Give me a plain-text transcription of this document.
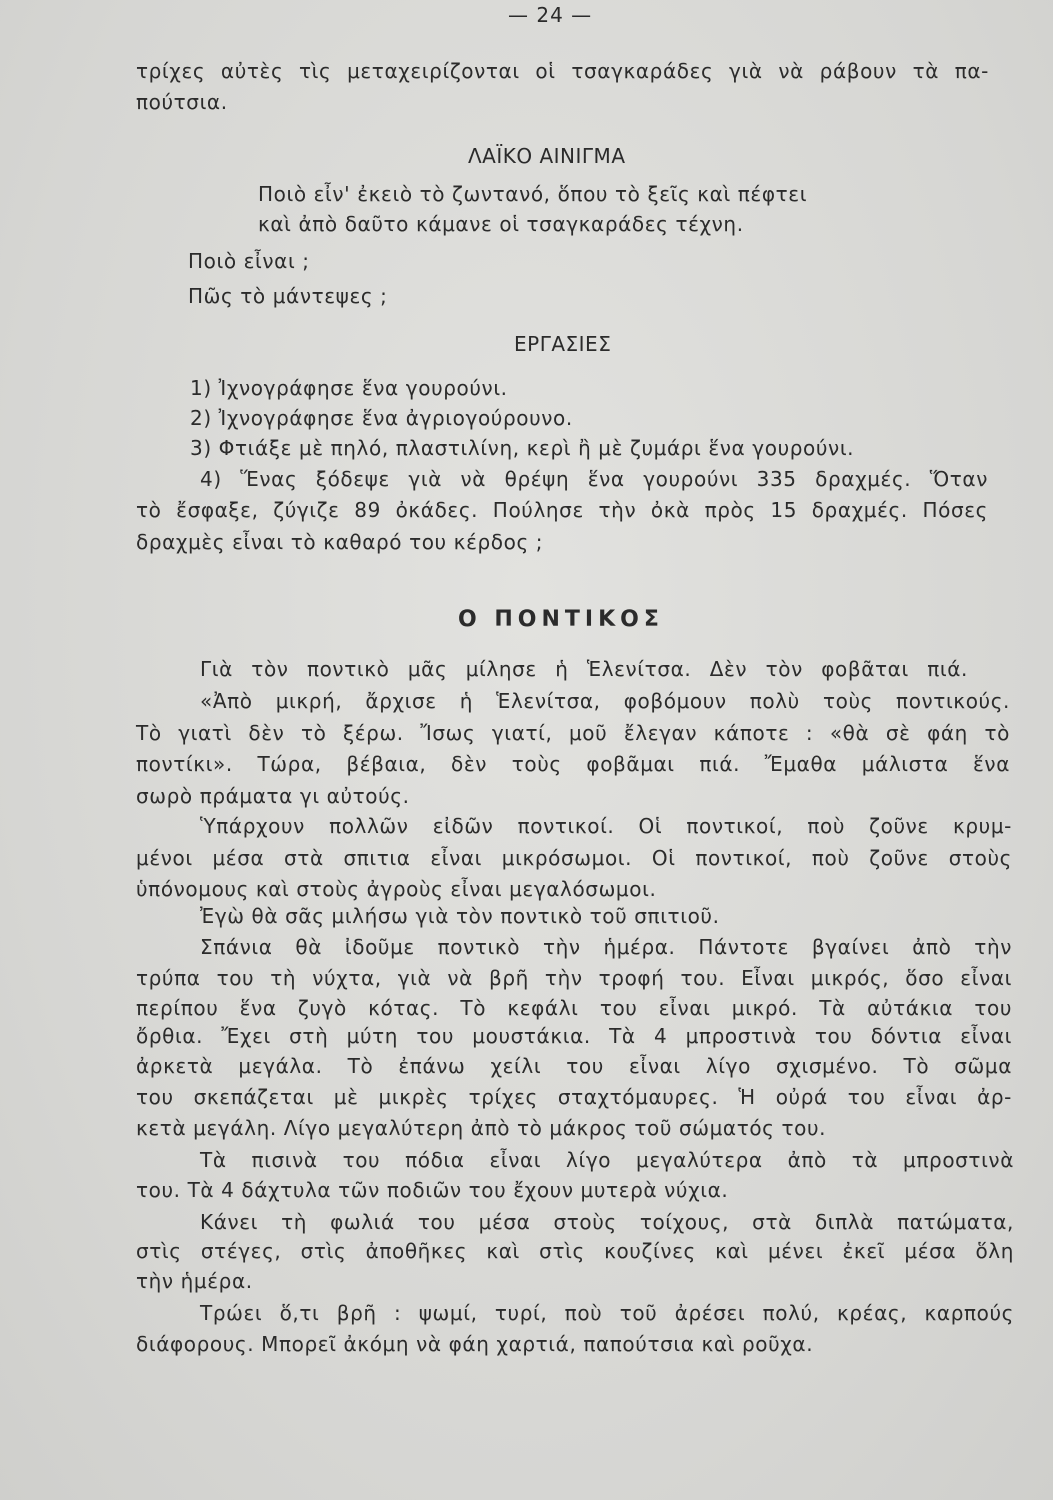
— 24 —
τρίχες αὐτὲς τὶς μεταχειρίζονται οἱ τσαγκαράδες γιὰ νὰ ράβουν τὰ πα-
πούτσια.
ΛΑΪΚΟ ΑΙΝΙΓΜΑ
Ποιὸ εἶν' ἐκειὸ τὸ ζωντανό, ὅπου τὸ ξεῖς καὶ πέφτει
καὶ ἀπὸ δαῦτο κάμανε οἱ τσαγκαράδες τέχνη.
Ποιὸ εἶναι ;
Πῶς τὸ μάντεψες ;
ΕΡΓΑΣΙΕΣ
1) Ἰχνογράφησε ἕνα γουρούνι.
2) Ἰχνογράφησε ἕνα ἀγριογούρουνο.
3) Φτιάξε μὲ πηλό, πλαστιλίνη, κερὶ ἢ μὲ ζυμάρι ἕνα γουρούνι.
4) Ἕνας ξόδεψε γιὰ νὰ θρέψη ἕνα γουρούνι 335 δραχμές. Ὅταν
τὸ ἔσφαξε, ζύγιζε 89 ὀκάδες. Πούλησε τὴν ὀκὰ πρὸς 15 δραχμές. Πόσες
δραχμὲς εἶναι τὸ καθαρό του κέρδος ;
Ο ΠΟΝΤΙΚΟΣ
Γιὰ τὸν ποντικὸ μᾶς μίλησε ἡ Ἑλενίτσα. Δὲν τὸν φοβᾶται πιά.
«Ἀπὸ μικρή, ἄρχισε ἡ Ἑλενίτσα, φοβόμουν πολὺ τοὺς ποντικούς.
Τὸ γιατὶ δὲν τὸ ξέρω. Ἴσως γιατί, μοῦ ἔλεγαν κάποτε : «θὰ σὲ φάη τὸ
ποντίκι». Τώρα, βέβαια, δὲν τοὺς φοβᾶμαι πιά. Ἔμαθα μάλιστα ἕνα
σωρὸ πράματα γι αὐτούς.
Ὑπάρχουν πολλῶν εἰδῶν ποντικοί. Οἱ ποντικοί, ποὺ ζοῦνε κρυμ-
μένοι μέσα στὰ σπιτια εἶναι μικρόσωμοι. Οἱ ποντικοί, ποὺ ζοῦνε στοὺς
ὑπόνομους καὶ στοὺς ἀγροὺς εἶναι μεγαλόσωμοι.
Ἐγὼ θὰ σᾶς μιλήσω γιὰ τὸν ποντικὸ τοῦ σπιτιοῦ.
Σπάνια θὰ ἰδοῦμε ποντικὸ τὴν ἡμέρα. Πάντοτε βγαίνει ἀπὸ τὴν
τρύπα του τὴ νύχτα, γιὰ νὰ βρῆ τὴν τροφή του. Εἶναι μικρός, ὅσο εἶναι
περίπου ἕνα ζυγὸ κότας. Τὸ κεφάλι του εἶναι μικρό. Τὰ αὐτάκια του
ὄρθια. Ἔχει στὴ μύτη του μουστάκια. Τὰ 4 μπροστινὰ του δόντια εἶναι
ἀρκετὰ μεγάλα. Τὸ ἐπάνω χείλι του εἶναι λίγο σχισμένο. Τὸ σῶμα
του σκεπάζεται μὲ μικρὲς τρίχες σταχτόμαυρες. Ἡ οὐρά του εἶναι ἀρ-
κετὰ μεγάλη. Λίγο μεγαλύτερη ἀπὸ τὸ μάκρος τοῦ σώματός του.
Τὰ πισινὰ του πόδια εἶναι λίγο μεγαλύτερα ἀπὸ τὰ μπροστινὰ
του. Τὰ 4 δάχτυλα τῶν ποδιῶν του ἔχουν μυτερὰ νύχια.
Κάνει τὴ φωλιά του μέσα στοὺς τοίχους, στὰ διπλὰ πατώματα,
στὶς στέγες, στὶς ἀποθῆκες καὶ στὶς κουζίνες καὶ μένει ἐκεῖ μέσα ὅλη
τὴν ἡμέρα.
Τρώει ὅ,τι βρῆ : ψωμί, τυρί, ποὺ τοῦ ἀρέσει πολύ, κρέας, καρπούς
διάφορους. Μπορεῖ ἀκόμη νὰ φάη χαρτιά, παπούτσια καὶ ροῦχα.
